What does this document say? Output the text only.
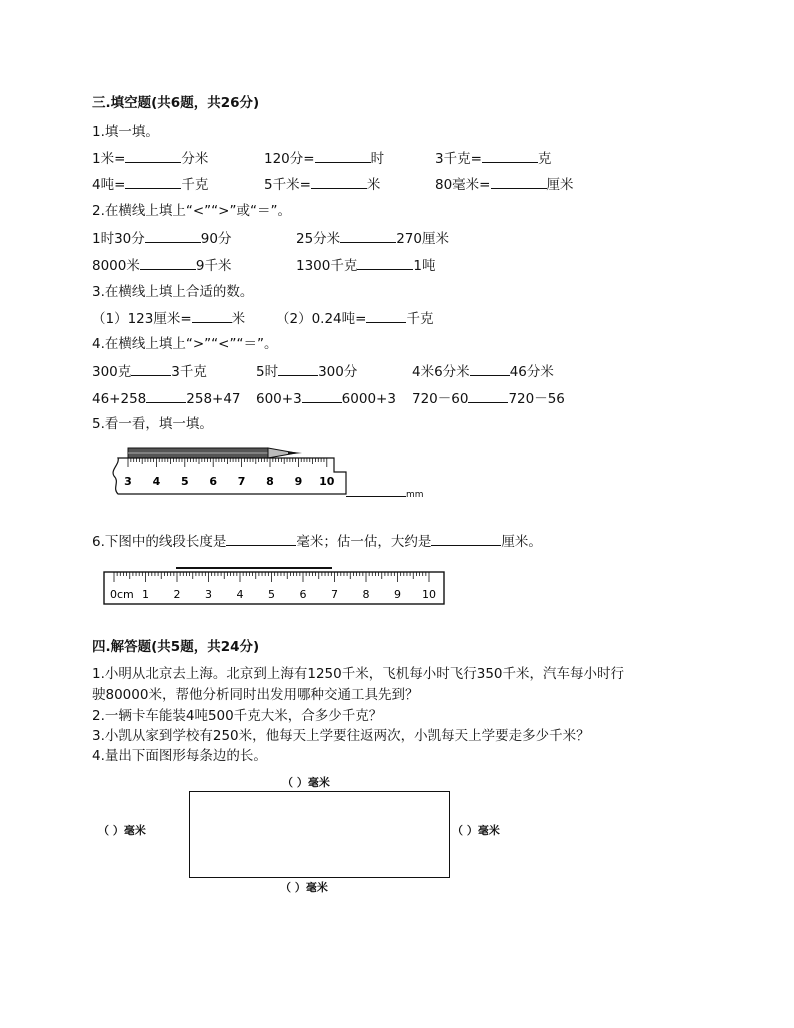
三.填空题(共6题，共26分)
1.填一填。
1米=	分米	120分=	时	3千克=	克
4吨=	千克	5千米=	米	80毫米=	厘米
2.在横线上填上“<”“>”或“＝”。
1时30分	90分	25分米	270厘米
8000米	9千米	1300千克	1吨
3.在横线上填上合适的数。
（1）123厘米=	米 （2）0.24吨=	千克
4.在横线上填上“>”“<”“＝”。
300克	3千克	5时	300分	4米6分米	46分米
46+258	258+47 600+3	6000+3 720－60	720－56
5.看一看，填一填。
3 4 5 6 7 8 9 10
mm
6.下图中的线段长度是	毫米；估一估，大约是	厘米。
0cm 1 2 3 4 5 6 7 8 9 10
四.解答题(共5题，共24分)
1.小明从北京去上海。北京到上海有1250千米，飞机每小时飞行350千米，汽车每小时行
驶80000米，帮他分析同时出发用哪种交通工具先到？
2.一辆卡车能装4吨500千克大米，合多少千克？
3.小凯从家到学校有250米，他每天上学要往返两次，小凯每天上学要走多少千米？
4.量出下面图形每条边的长。
（ ）毫米
（ ）毫米	（ ）毫米
（ ）毫米
